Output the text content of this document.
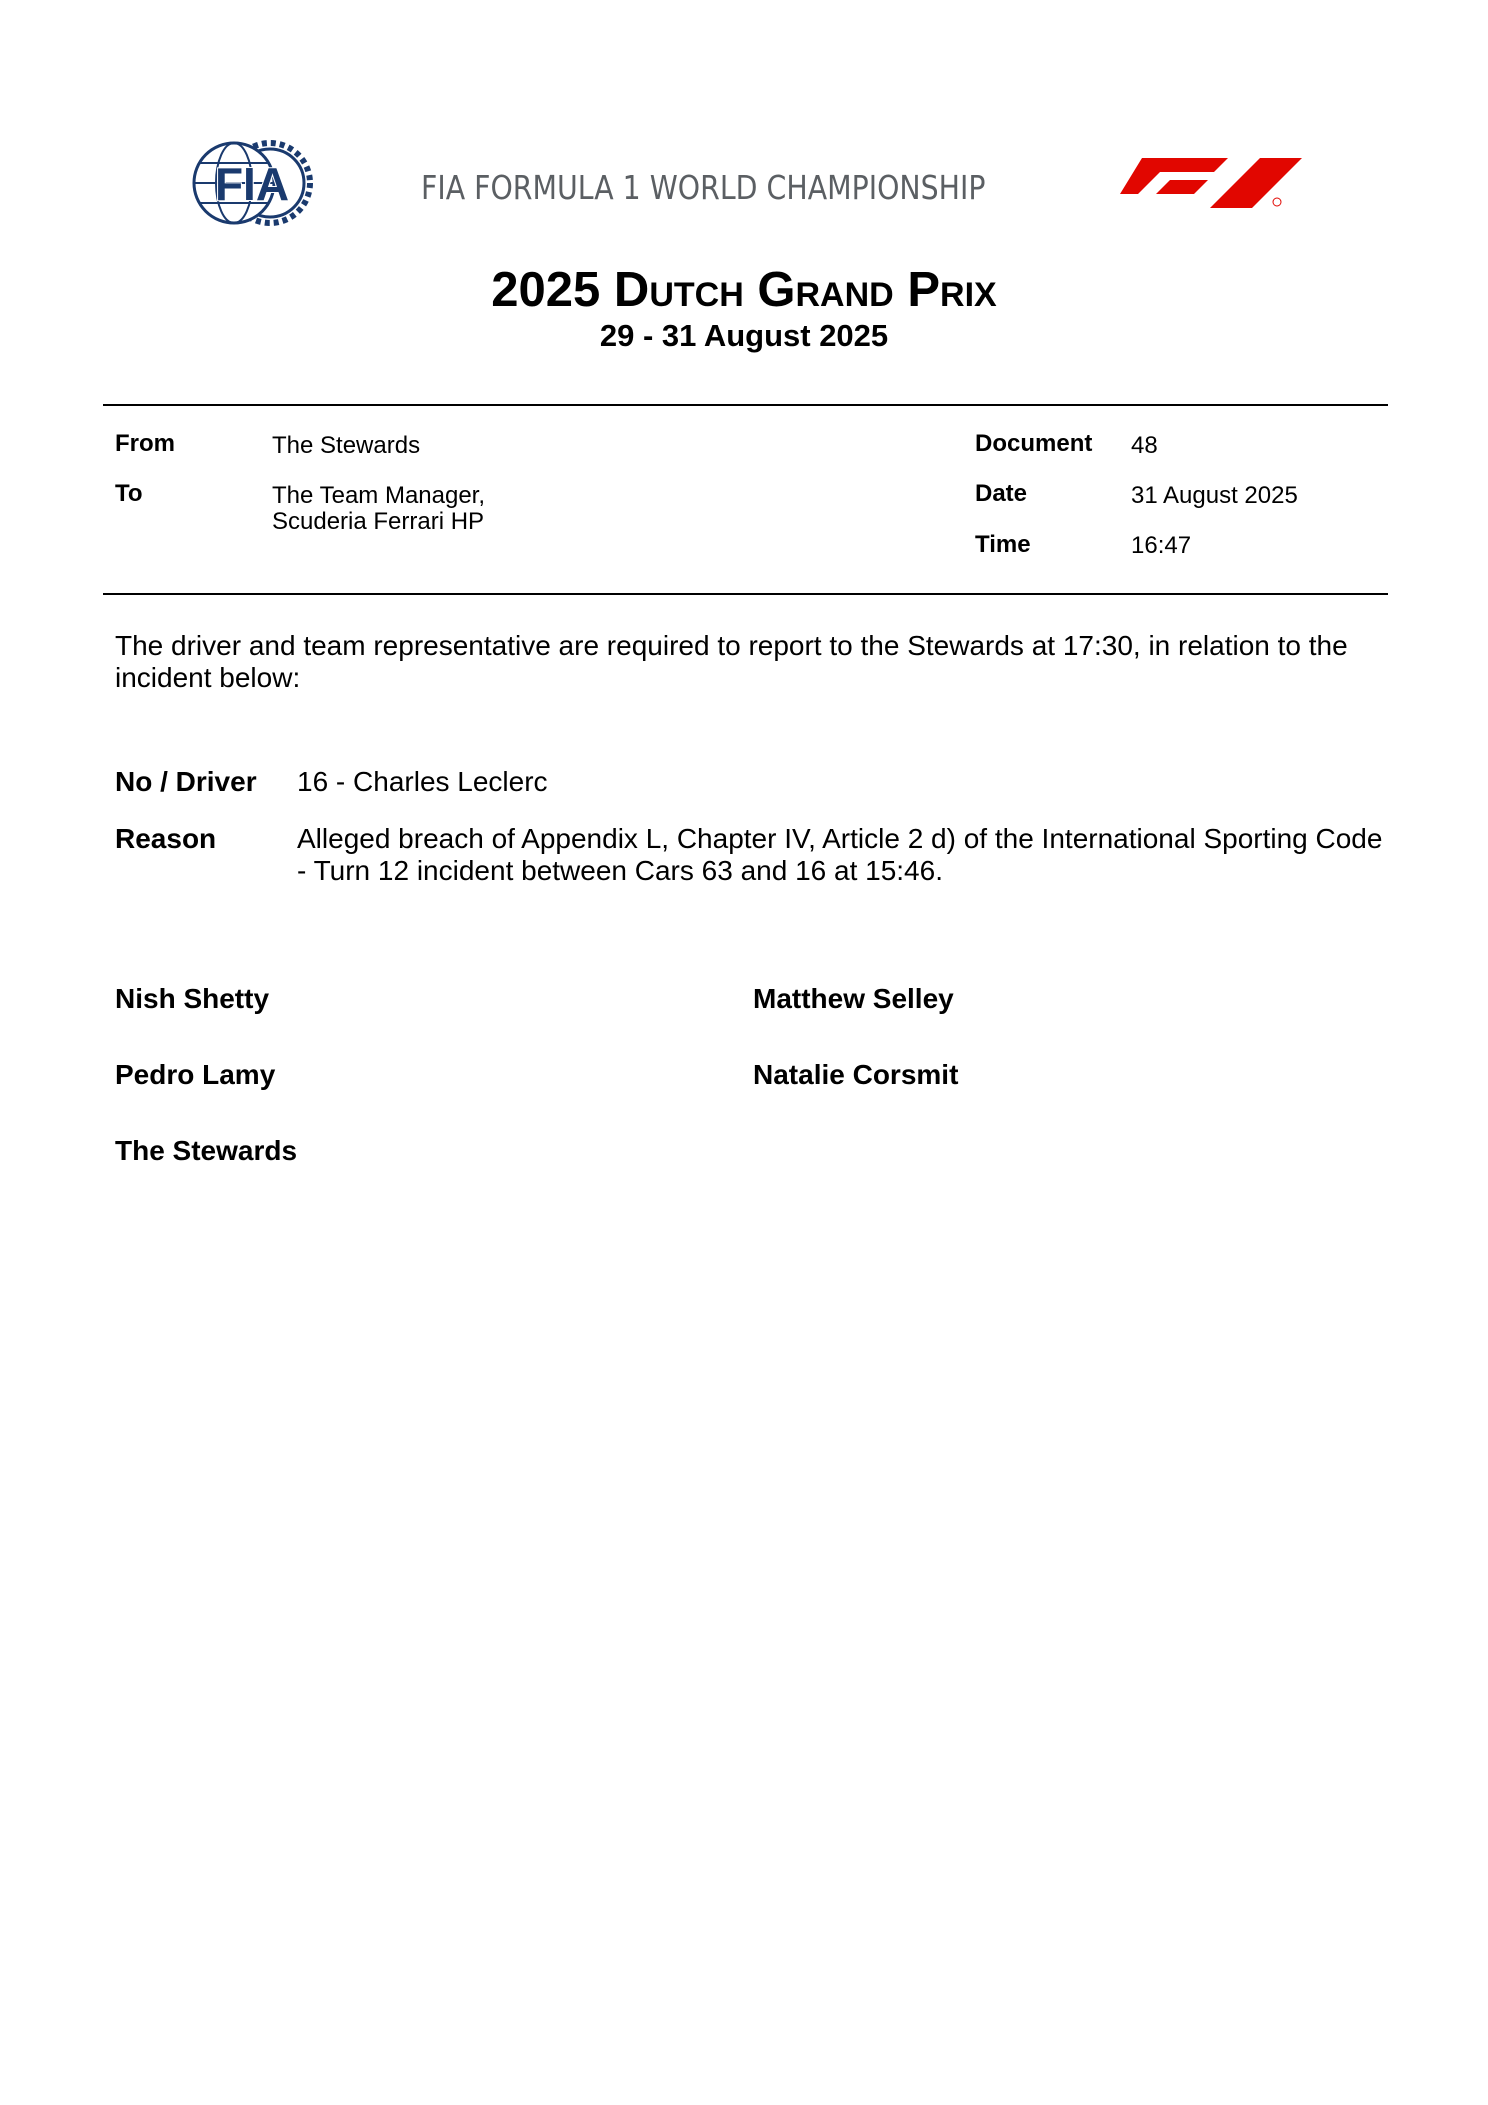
FIA	FIA FORMULA 1 WORLD CHAMPIONSHIP
2025 Dutch Grand Prix
29 - 31 August 2025
From	The Stewards
To	The Team Manager,
Scuderia Ferrari HP
Document 48
Date	31 August 2025
Time	16:47
The driver and team representative are required to report to the Stewards at 17:30, in relation to the incident below:
No / Driver 16 - Charles Leclerc
Reason	Alleged breach of Appendix L, Chapter IV, Article 2 d) of the International Sporting Code - Turn 12 incident between Cars 63 and 16 at 15:46.
Nish Shetty	Matthew Selley
Pedro Lamy	Natalie Corsmit
The Stewards
